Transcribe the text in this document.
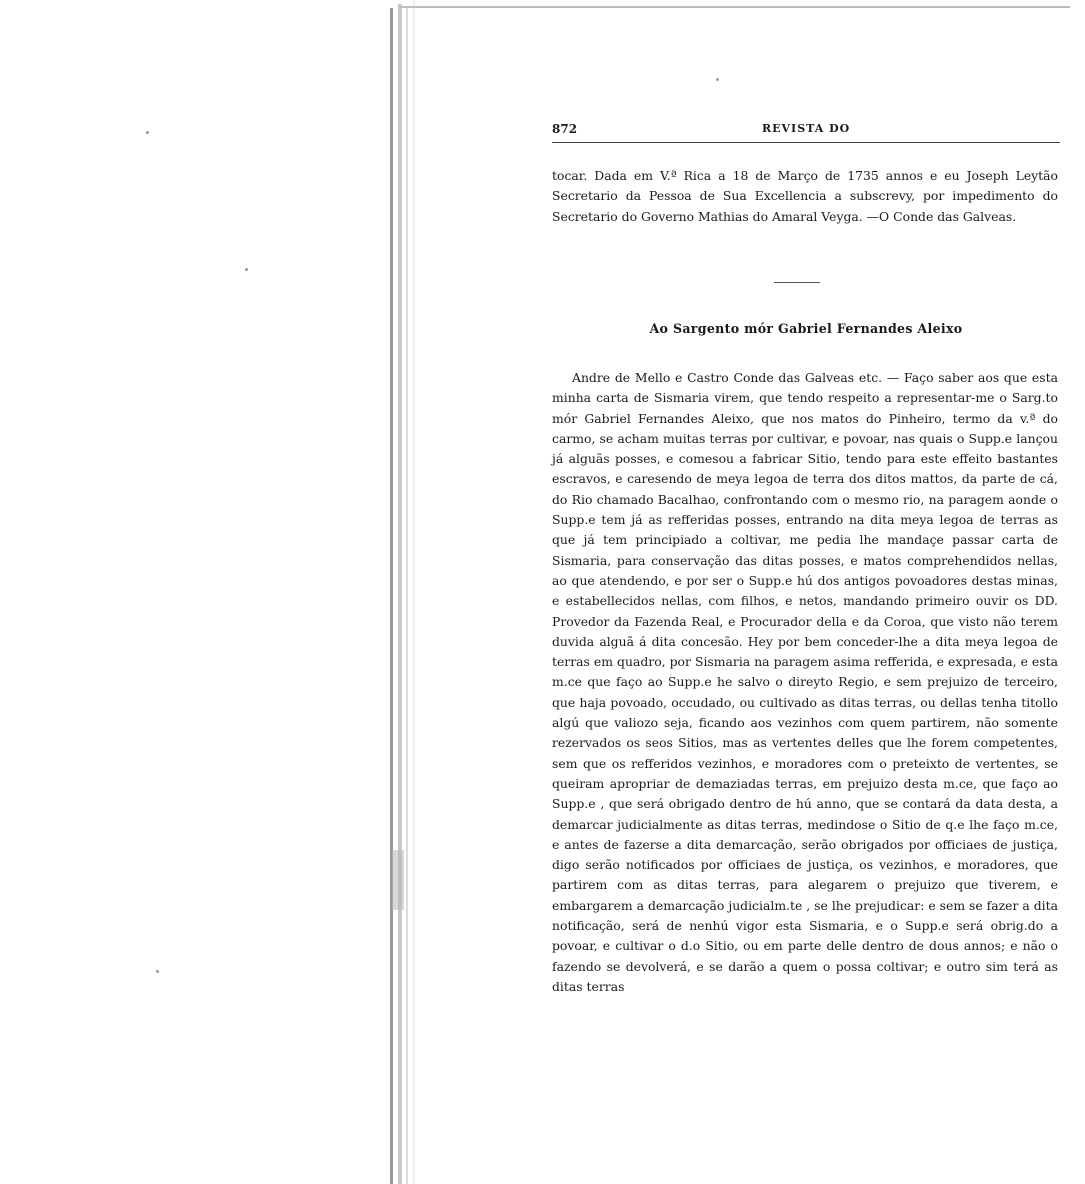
872	REVISTA DO

tocar. Dada em V.ª Rica a 18 de Março de 1735 annos e eu Joseph Leytão Secretario da Pessoa de Sua Excellencia a subscrevy, por impedimento do Secretario do Governo Mathias do Amaral Veyga. —O Conde das Galveas.

Ao Sargento mór Gabriel Fernandes Aleixo

Andre de Mello e Castro Conde das Galveas etc. — Faço saber aos que esta minha carta de Sismaria virem, que tendo respeito a representar-me o Sarg.to mór Gabriel Fernandes Aleixo, que nos matos do Pinheiro, termo da v.ª do carmo, se acham muitas terras por cultivar, e povoar, nas quais o Supp.e lançou já alguãs posses, e comesou a fabricar Sitio, tendo para este effeito bastantes escravos, e caresendo de meya legoa de terra dos ditos mattos, da parte de cá, do Rio chamado Bacalhao, confrontando com o mesmo rio, na paragem aonde o Supp.e tem já as refferidas posses, entrando na dita meya legoa de terras as que já tem principiado a coltivar, me pedia lhe mandaçe passar carta de Sismaria, para conservação das ditas posses, e matos comprehendidos nellas, ao que atendendo, e por ser o Supp.e hú dos antigos povoadores destas minas, e estabellecidos nellas, com filhos, e netos, mandando primeiro ouvir os DD. Provedor da Fazenda Real, e Procurador della e da Coroa, que visto não terem duvida alguã á dita concesão. Hey por bem conceder-lhe a dita meya legoa de terras em quadro, por Sismaria na paragem asima refferida, e expresada, e esta m.ce que faço ao Supp.e he salvo o direyto Regio, e sem prejuizo de terceiro, que haja povoado, occudado, ou cultivado as ditas terras, ou dellas tenha titollo algú que valiozo seja, ficando aos vezinhos com quem partirem, não somente rezervados os seos Sitios, mas as vertentes delles que lhe forem competentes, sem que os refferidos vezinhos, e moradores com o preteixto de vertentes, se queiram apropriar de demaziadas terras, em prejuizo desta m.ce, que faço ao Supp.e , que será obrigado dentro de hú anno, que se contará da data desta, a demarcar judicialmente as ditas terras, medindose o Sitio de q.e lhe faço m.ce, e antes de fazerse a dita demarcação, serão obrigados por officiaes de justiça, digo serão notificados por officiaes de justiça, os vezinhos, e moradores, que partirem com as ditas terras, para alegarem o prejuizo que tiverem, e embargarem a demarcação judicialm.te , se lhe prejudicar: e sem se fazer a dita notificação, será de nenhú vigor esta Sismaria, e o Supp.e será obrig.do a povoar, e cultivar o d.o Sitio, ou em parte delle dentro de dous annos; e não o fazendo se devolverá, e se darão a quem o possa coltivar; e outro sim terá as ditas terras
